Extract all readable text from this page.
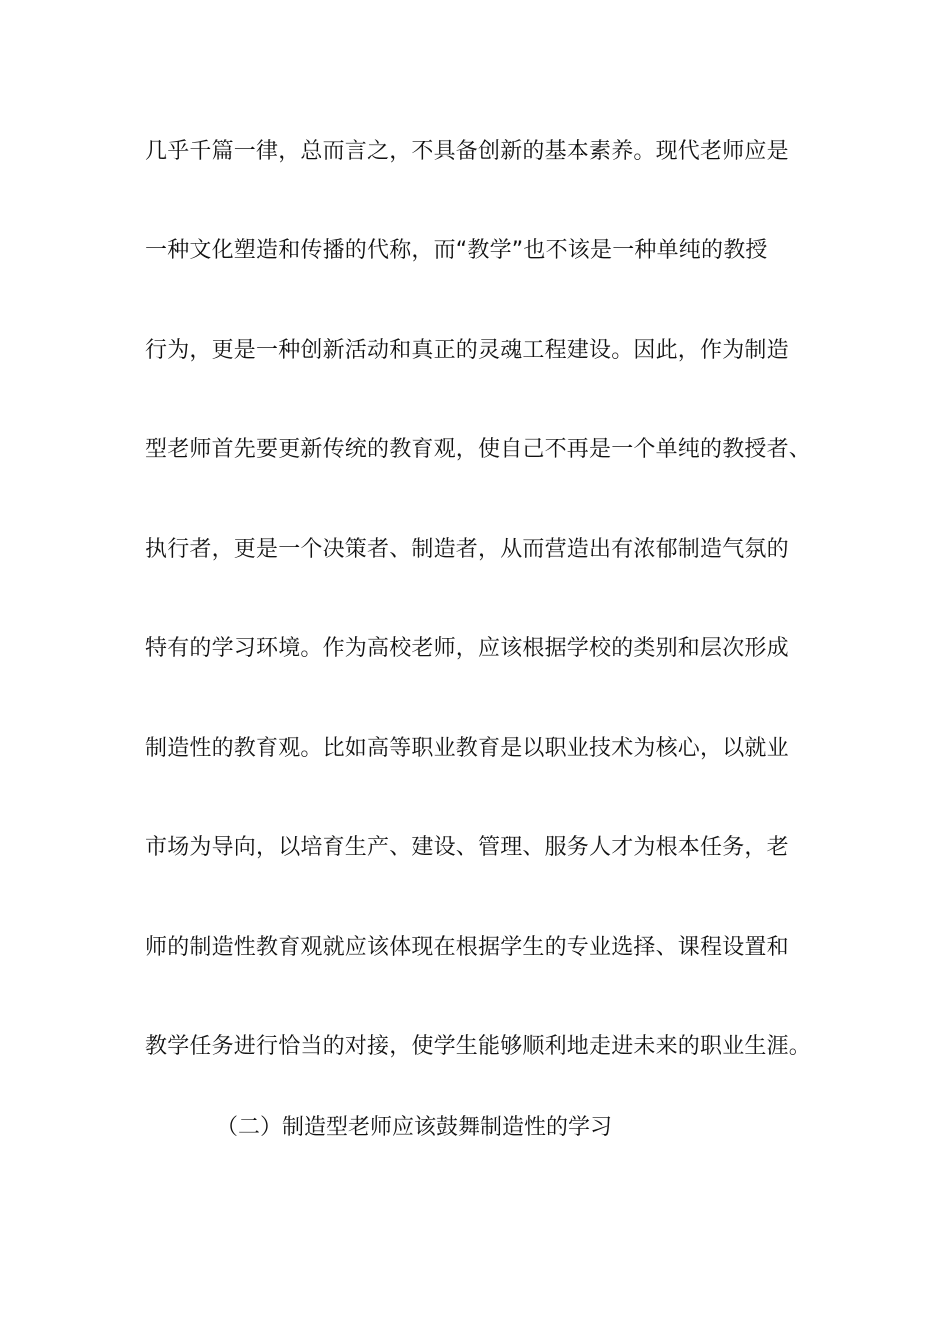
几乎千篇一律，总而言之，不具备创新的基本素养。现代老师应是
一种文化塑造和传播的代称，而“教学”也不该是一种单纯的教授
行为，更是一种创新活动和真正的灵魂工程建设。因此，作为制造
型老师首先要更新传统的教育观，使自己不再是一个单纯的教授者、
执行者，更是一个决策者、制造者，从而营造出有浓郁制造气氛的
特有的学习环境。作为高校老师，应该根据学校的类别和层次形成
制造性的教育观。比如高等职业教育是以职业技术为核心，以就业
市场为导向，以培育生产、建设、管理、服务人才为根本任务，老
师的制造性教育观就应该体现在根据学生的专业选择、课程设置和
教学任务进行恰当的对接，使学生能够顺利地走进未来的职业生涯。
（二）制造型老师应该鼓舞制造性的学习
